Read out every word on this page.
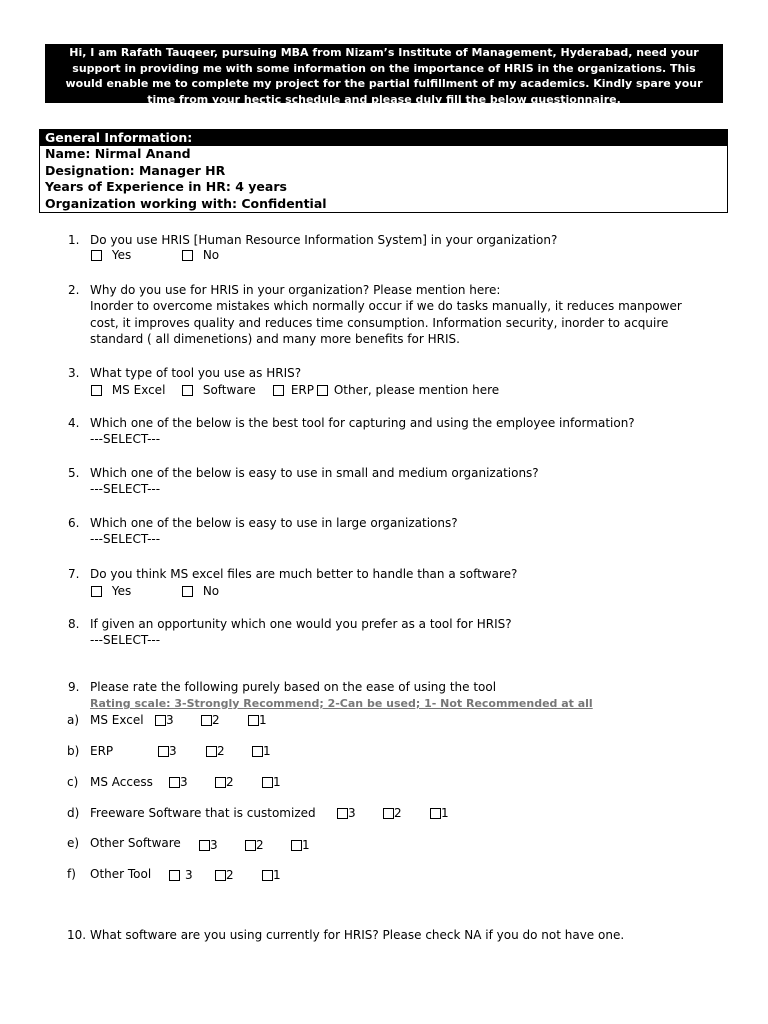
Hi, I am Rafath Tauqeer, pursuing MBA from Nizam’s Institute of Management, Hyderabad, need your
support in providing me with some information on the importance of HRIS in the organizations. This
would enable me to complete my project for the partial fulfillment of my academics. Kindly spare your
time from your hectic schedule and please duly fill the below questionnaire.
General Information:
Name: Nirmal Anand
Designation: Manager HR
Years of Experience in HR: 4 years
Organization working with: Confidential
1. Do you use HRIS [Human Resource Information System] in your organization?
Yes	No
2. Why do you use for HRIS in your organization? Please mention here:
Inorder to overcome mistakes which normally occur if we do tasks manually, it reduces manpower
cost, it improves quality and reduces time consumption. Information security, inorder to acquire
standard ( all dimenetions) and many more benefits for HRIS.
3. What type of tool you use as HRIS?
MS Excel	Software	ERP	Other, please mention here
4. Which one of the below is the best tool for capturing and using the employee information?
---SELECT---
5. Which one of the below is easy to use in small and medium organizations?
---SELECT---
6. Which one of the below is easy to use in large organizations?
---SELECT---
7. Do you think MS excel files are much better to handle than a software?
Yes	No
8. If given an opportunity which one would you prefer as a tool for HRIS?
---SELECT---
9. Please rate the following purely based on the ease of using the tool
Rating scale: 3-Strongly Recommend; 2-Can be used; 1- Not Recommended at all
a) MS Excel	3	2	1
b) ERP	3	2	1
c) MS Access	3	2	1
d) Freeware Software that is customized	3	2	1
e) Other Software	3	2	1
f) Other Tool	3	2	1
10. What software are you using currently for HRIS? Please check NA if you do not have one.
